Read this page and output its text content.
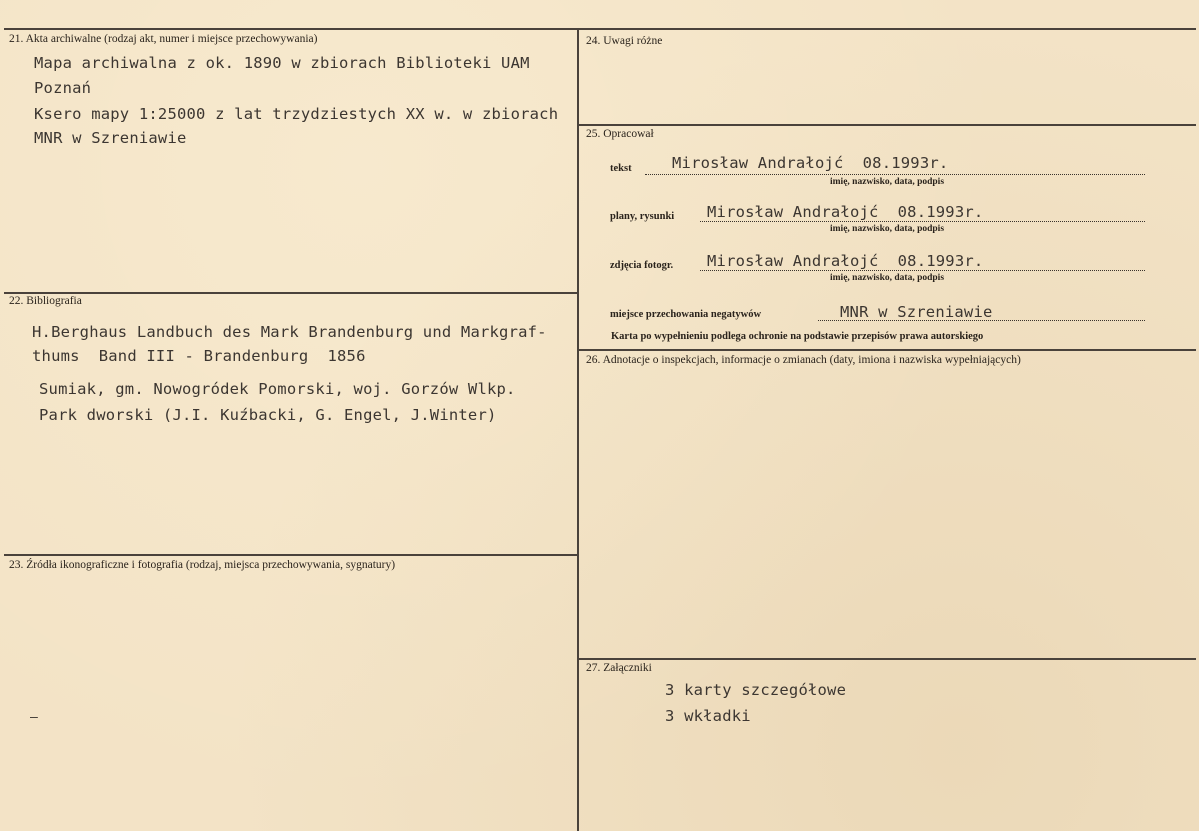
21. Akta archiwalne (rodzaj akt, numer i miejsce przechowywania)
Mapa archiwalna z ok. 1890 w zbiorach Biblioteki UAM
Poznań
Ksero mapy 1:25000 z lat trzydziestych XX w. w zbiorach
MNR w Szreniawie
22. Bibliografia
H.Berghaus Landbuch des Mark Brandenburg und Markgraf-
thums  Band III - Brandenburg  1856
Sumiak, gm. Nowogródek Pomorski, woj. Gorzów Wlkp.
Park dworski (J.I. Kuźbacki, G. Engel, J.Winter)
23. Źródła ikonograficzne i fotografia (rodzaj, miejsca przechowywania, sygnatury)
–
24. Uwagi różne
25. Opracował
tekst	Mirosław Andrałojć  08.1993r.
imię, nazwisko, data, podpis
plany, rysunki Mirosław Andrałojć  08.1993r.
imię, nazwisko, data, podpis
zdjęcia fotogr. Mirosław Andrałojć  08.1993r.
imię, nazwisko, data, podpis
miejsce przechowania negatywów	MNR w Szreniawie
Karta po wypełnieniu podlega ochronie na podstawie przepisów prawa autorskiego
26. Adnotacje o inspekcjach, informacje o zmianach (daty, imiona i nazwiska wypełniających)
27. Załączniki
3 karty szczegółowe
3 wkładki
